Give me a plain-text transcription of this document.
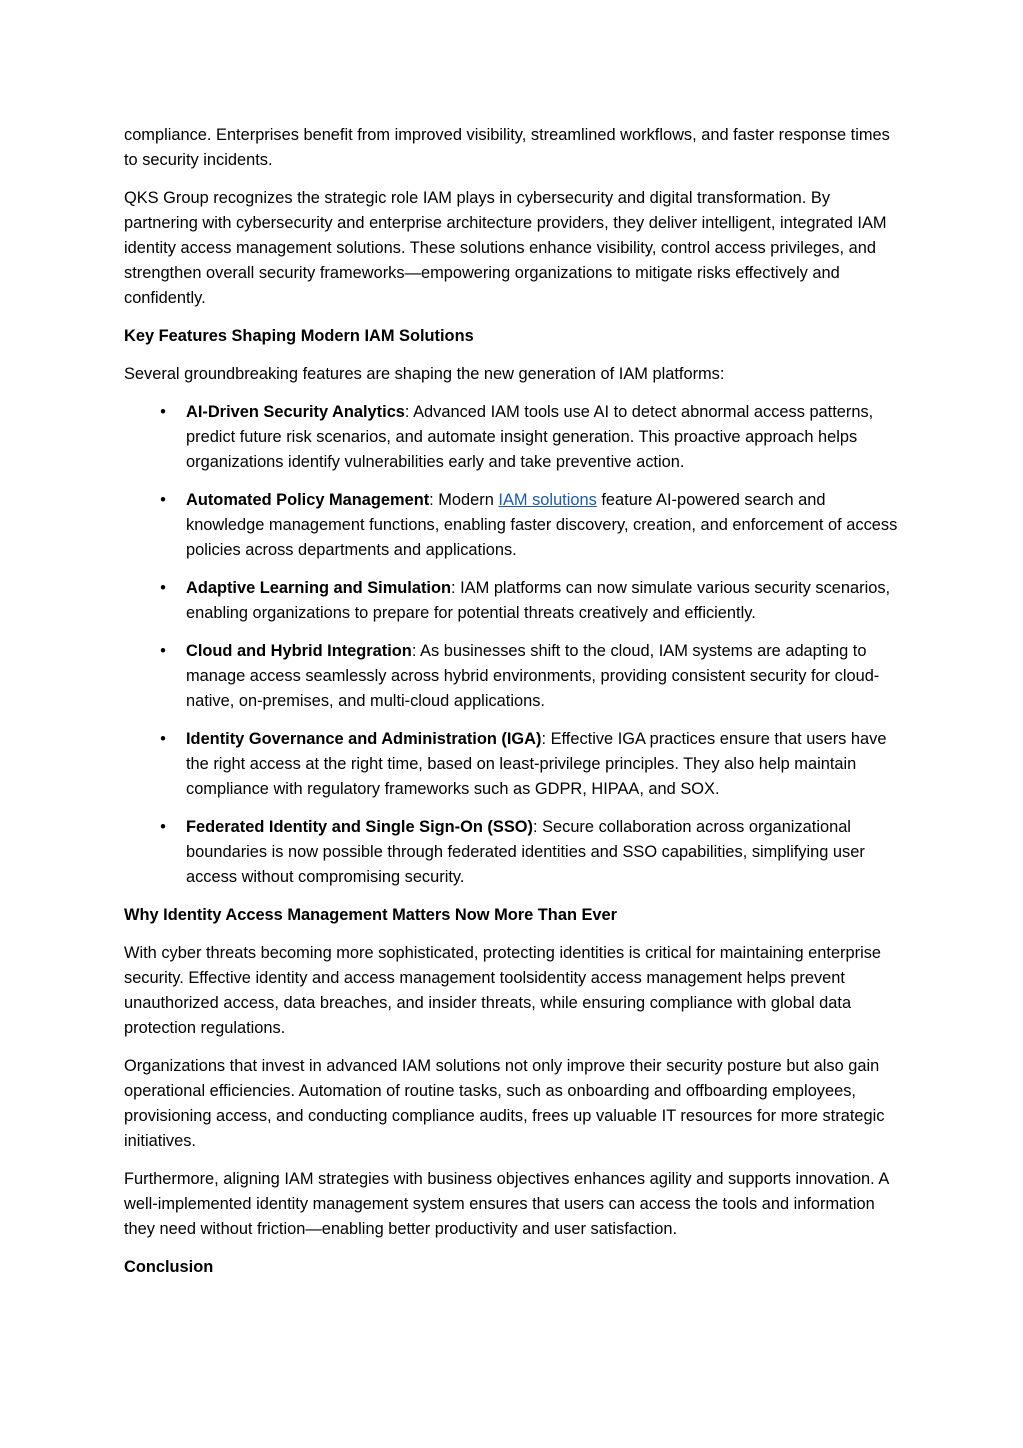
compliance. Enterprises benefit from improved visibility, streamlined workflows, and faster response times to security incidents.

QKS Group recognizes the strategic role IAM plays in cybersecurity and digital transformation. By partnering with cybersecurity and enterprise architecture providers, they deliver intelligent, integrated IAM identity access management solutions. These solutions enhance visibility, control access privileges, and strengthen overall security frameworks—empowering organizations to mitigate risks effectively and confidently.

Key Features Shaping Modern IAM Solutions

Several groundbreaking features are shaping the new generation of IAM platforms:

• AI-Driven Security Analytics: Advanced IAM tools use AI to detect abnormal access patterns, predict future risk scenarios, and automate insight generation. This proactive approach helps organizations identify vulnerabilities early and take preventive action.
• Automated Policy Management: Modern IAM solutions feature AI-powered search and knowledge management functions, enabling faster discovery, creation, and enforcement of access policies across departments and applications.
• Adaptive Learning and Simulation: IAM platforms can now simulate various security scenarios, enabling organizations to prepare for potential threats creatively and efficiently.
• Cloud and Hybrid Integration: As businesses shift to the cloud, IAM systems are adapting to manage access seamlessly across hybrid environments, providing consistent security for cloud-native, on-premises, and multi-cloud applications.
• Identity Governance and Administration (IGA): Effective IGA practices ensure that users have the right access at the right time, based on least-privilege principles. They also help maintain compliance with regulatory frameworks such as GDPR, HIPAA, and SOX.
• Federated Identity and Single Sign-On (SSO): Secure collaboration across organizational boundaries is now possible through federated identities and SSO capabilities, simplifying user access without compromising security.
Why Identity Access Management Matters Now More Than Ever

With cyber threats becoming more sophisticated, protecting identities is critical for maintaining enterprise security. Effective identity and access management toolsidentity access management helps prevent unauthorized access, data breaches, and insider threats, while ensuring compliance with global data protection regulations.

Organizations that invest in advanced IAM solutions not only improve their security posture but also gain operational efficiencies. Automation of routine tasks, such as onboarding and offboarding employees, provisioning access, and conducting compliance audits, frees up valuable IT resources for more strategic initiatives.

Furthermore, aligning IAM strategies with business objectives enhances agility and supports innovation. A well-implemented identity management system ensures that users can access the tools and information they need without friction—enabling better productivity and user satisfaction.

Conclusion
